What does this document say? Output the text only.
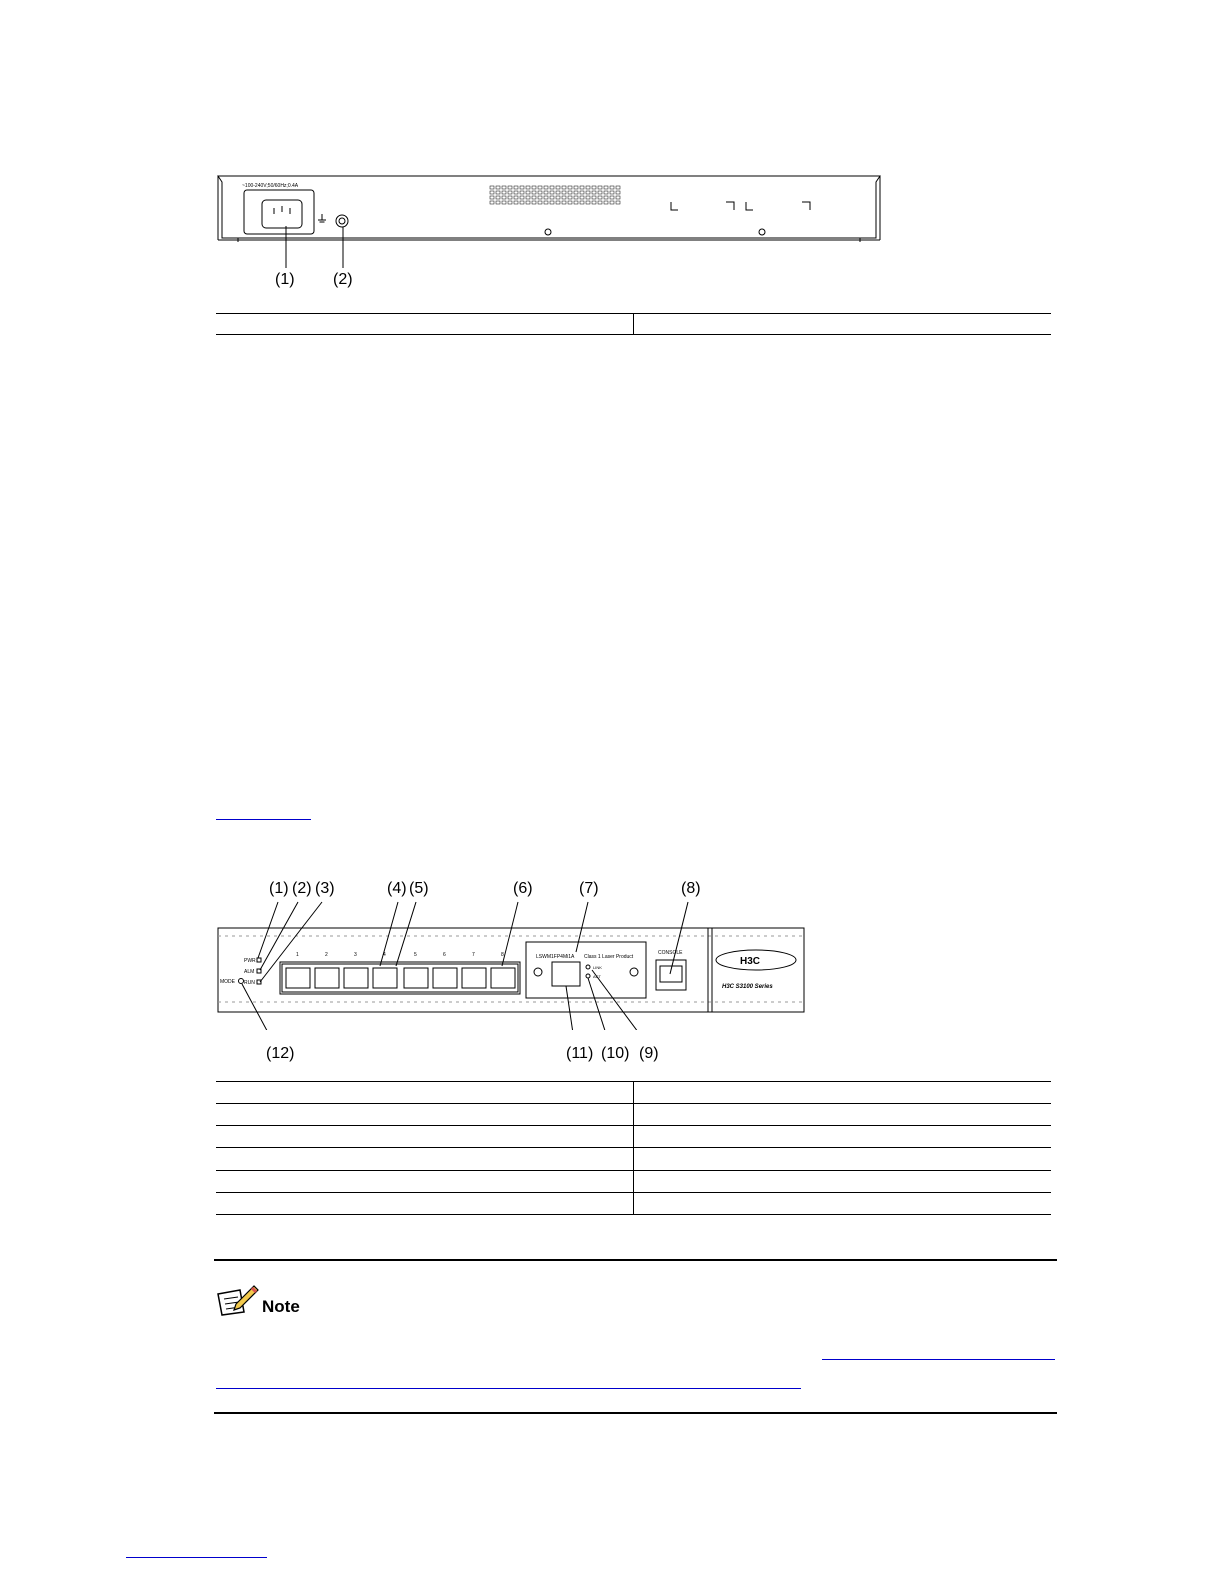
~100-240V;50/60Hz;0.4A
(1) (2)
PWR
ALM
RUN
MODE
1	2	3	4	5	6	7	8	LSWM1FP4Mi1A Class 1 Laser Product
LINK
ACT
CONSOLE
H3C
H3C S3100 Series
(1) (2) (3)	(4) (5)	(6)	(7)	(8)
(12)	(11) (10) (9)
Note
